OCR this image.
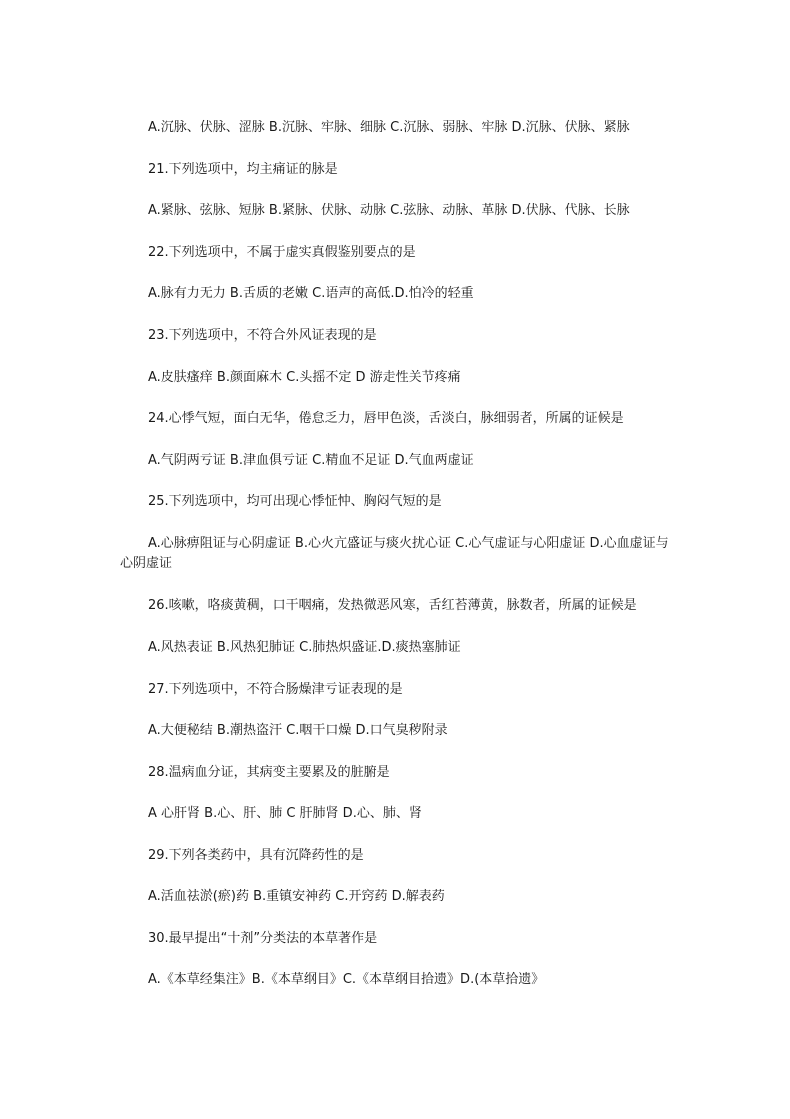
A.沉脉、伏脉、涩脉 B.沉脉、牢脉、细脉 C.沉脉、弱脉、牢脉 D.沉脉、伏脉、紧脉
21.下列选项中，均主痛证的脉是
A.紧脉、弦脉、短脉 B.紧脉、伏脉、动脉 C.弦脉、动脉、革脉 D.伏脉、代脉、长脉
22.下列选项中，不属于虚实真假鉴别要点的是
A.脉有力无力 B.舌质的老嫩 C.语声的高低.D.怕冷的轻重
23.下列选项中，不符合外风证表现的是
A.皮肤瘙痒 B.颜面麻木 C.头摇不定 D 游走性关节疼痛
24.心悸气短，面白无华，倦怠乏力，唇甲色淡，舌淡白，脉细弱者，所属的证候是
A.气阴两亏证 B.津血俱亏证 C.精血不足证 D.气血两虚证
25.下列选项中，均可出现心悸怔忡、胸闷气短的是
A.心脉痹阻证与心阴虚证 B.心火亢盛证与痰火扰心证 C.心气虚证与心阳虚证 D.心血虚证与心阴虚证
26.咳嗽，咯痰黄稠，口干咽痛，发热微恶风寒，舌红苔薄黄，脉数者，所属的证候是
A.风热表证 B.风热犯肺证 C.肺热炽盛证.D.痰热塞肺证
27.下列选项中，不符合肠燥津亏证表现的是
A.大便秘结 B.潮热盗汗 C.咽干口燥 D.口气臭秽附录
28.温病血分证，其病变主要累及的脏腑是
A 心肝肾 B.心、肝、肺 C 肝肺肾 D.心、肺、肾
29.下列各类药中，具有沉降药性的是
A.活血祛淤(瘀)药 B.重镇安神药 C.开窍药 D.解表药
30.最早提出“十剂”分类法的本草著作是
A.《本草经集注》B.《本草纲目》C.《本草纲目拾遗》D.(本草拾遗》
